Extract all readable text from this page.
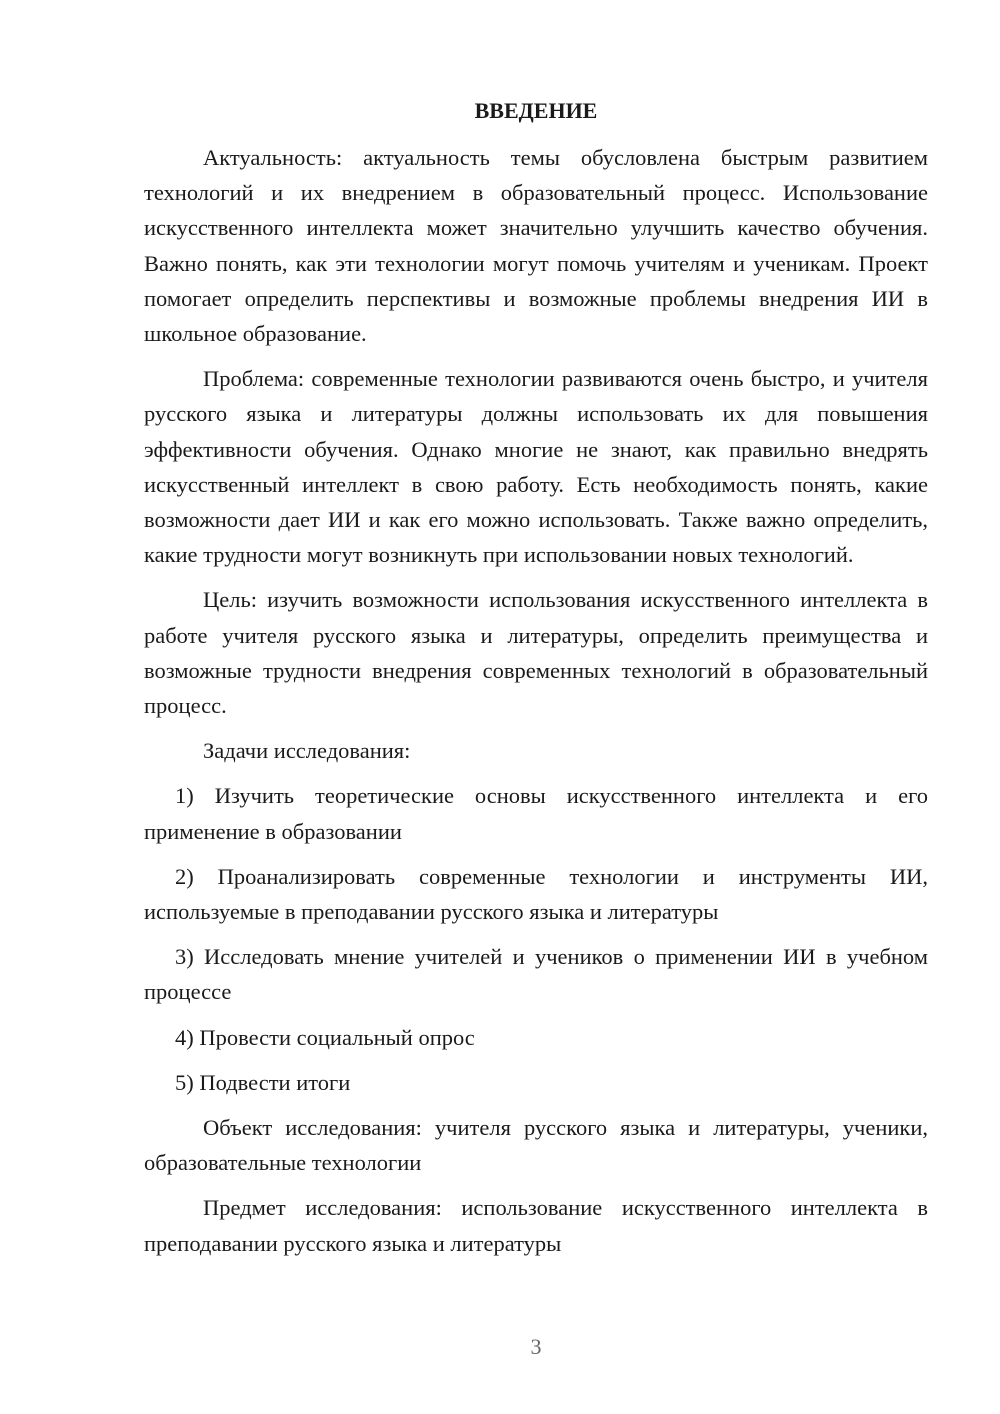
ВВЕДЕНИЕ

Актуальность: актуальность темы обусловлена быстрым развитием технологий и их внедрением в образовательный процесс. Использование искусственного интеллекта может значительно улучшить качество обучения. Важно понять, как эти технологии могут помочь учителям и ученикам. Проект помогает определить перспективы и возможные проблемы внедрения ИИ в школьное образование.

Проблема: современные технологии развиваются очень быстро, и учителя русского языка и литературы должны использовать их для повышения эффективности обучения. Однако многие не знают, как правильно внедрять искусственный интеллект в свою работу. Есть необходимость понять, какие возможности дает ИИ и как его можно использовать. Также важно определить, какие трудности могут возникнуть при использовании новых технологий.

Цель: изучить возможности использования искусственного интеллекта в работе учителя русского языка и литературы, определить преимущества и возможные трудности внедрения современных технологий в образовательный процесс.

Задачи исследования:

1) Изучить теоретические основы искусственного интеллекта и его применение в образовании

2) Проанализировать современные технологии и инструменты ИИ, используемые в преподавании русского языка и литературы

3) Исследовать мнение учителей и учеников о применении ИИ в учебном процессе

4) Провести социальный опрос

5) Подвести итоги

Объект исследования: учителя русского языка и литературы, ученики, образовательные технологии

Предмет исследования: использование искусственного интеллекта в преподавании русского языка и литературы

3
